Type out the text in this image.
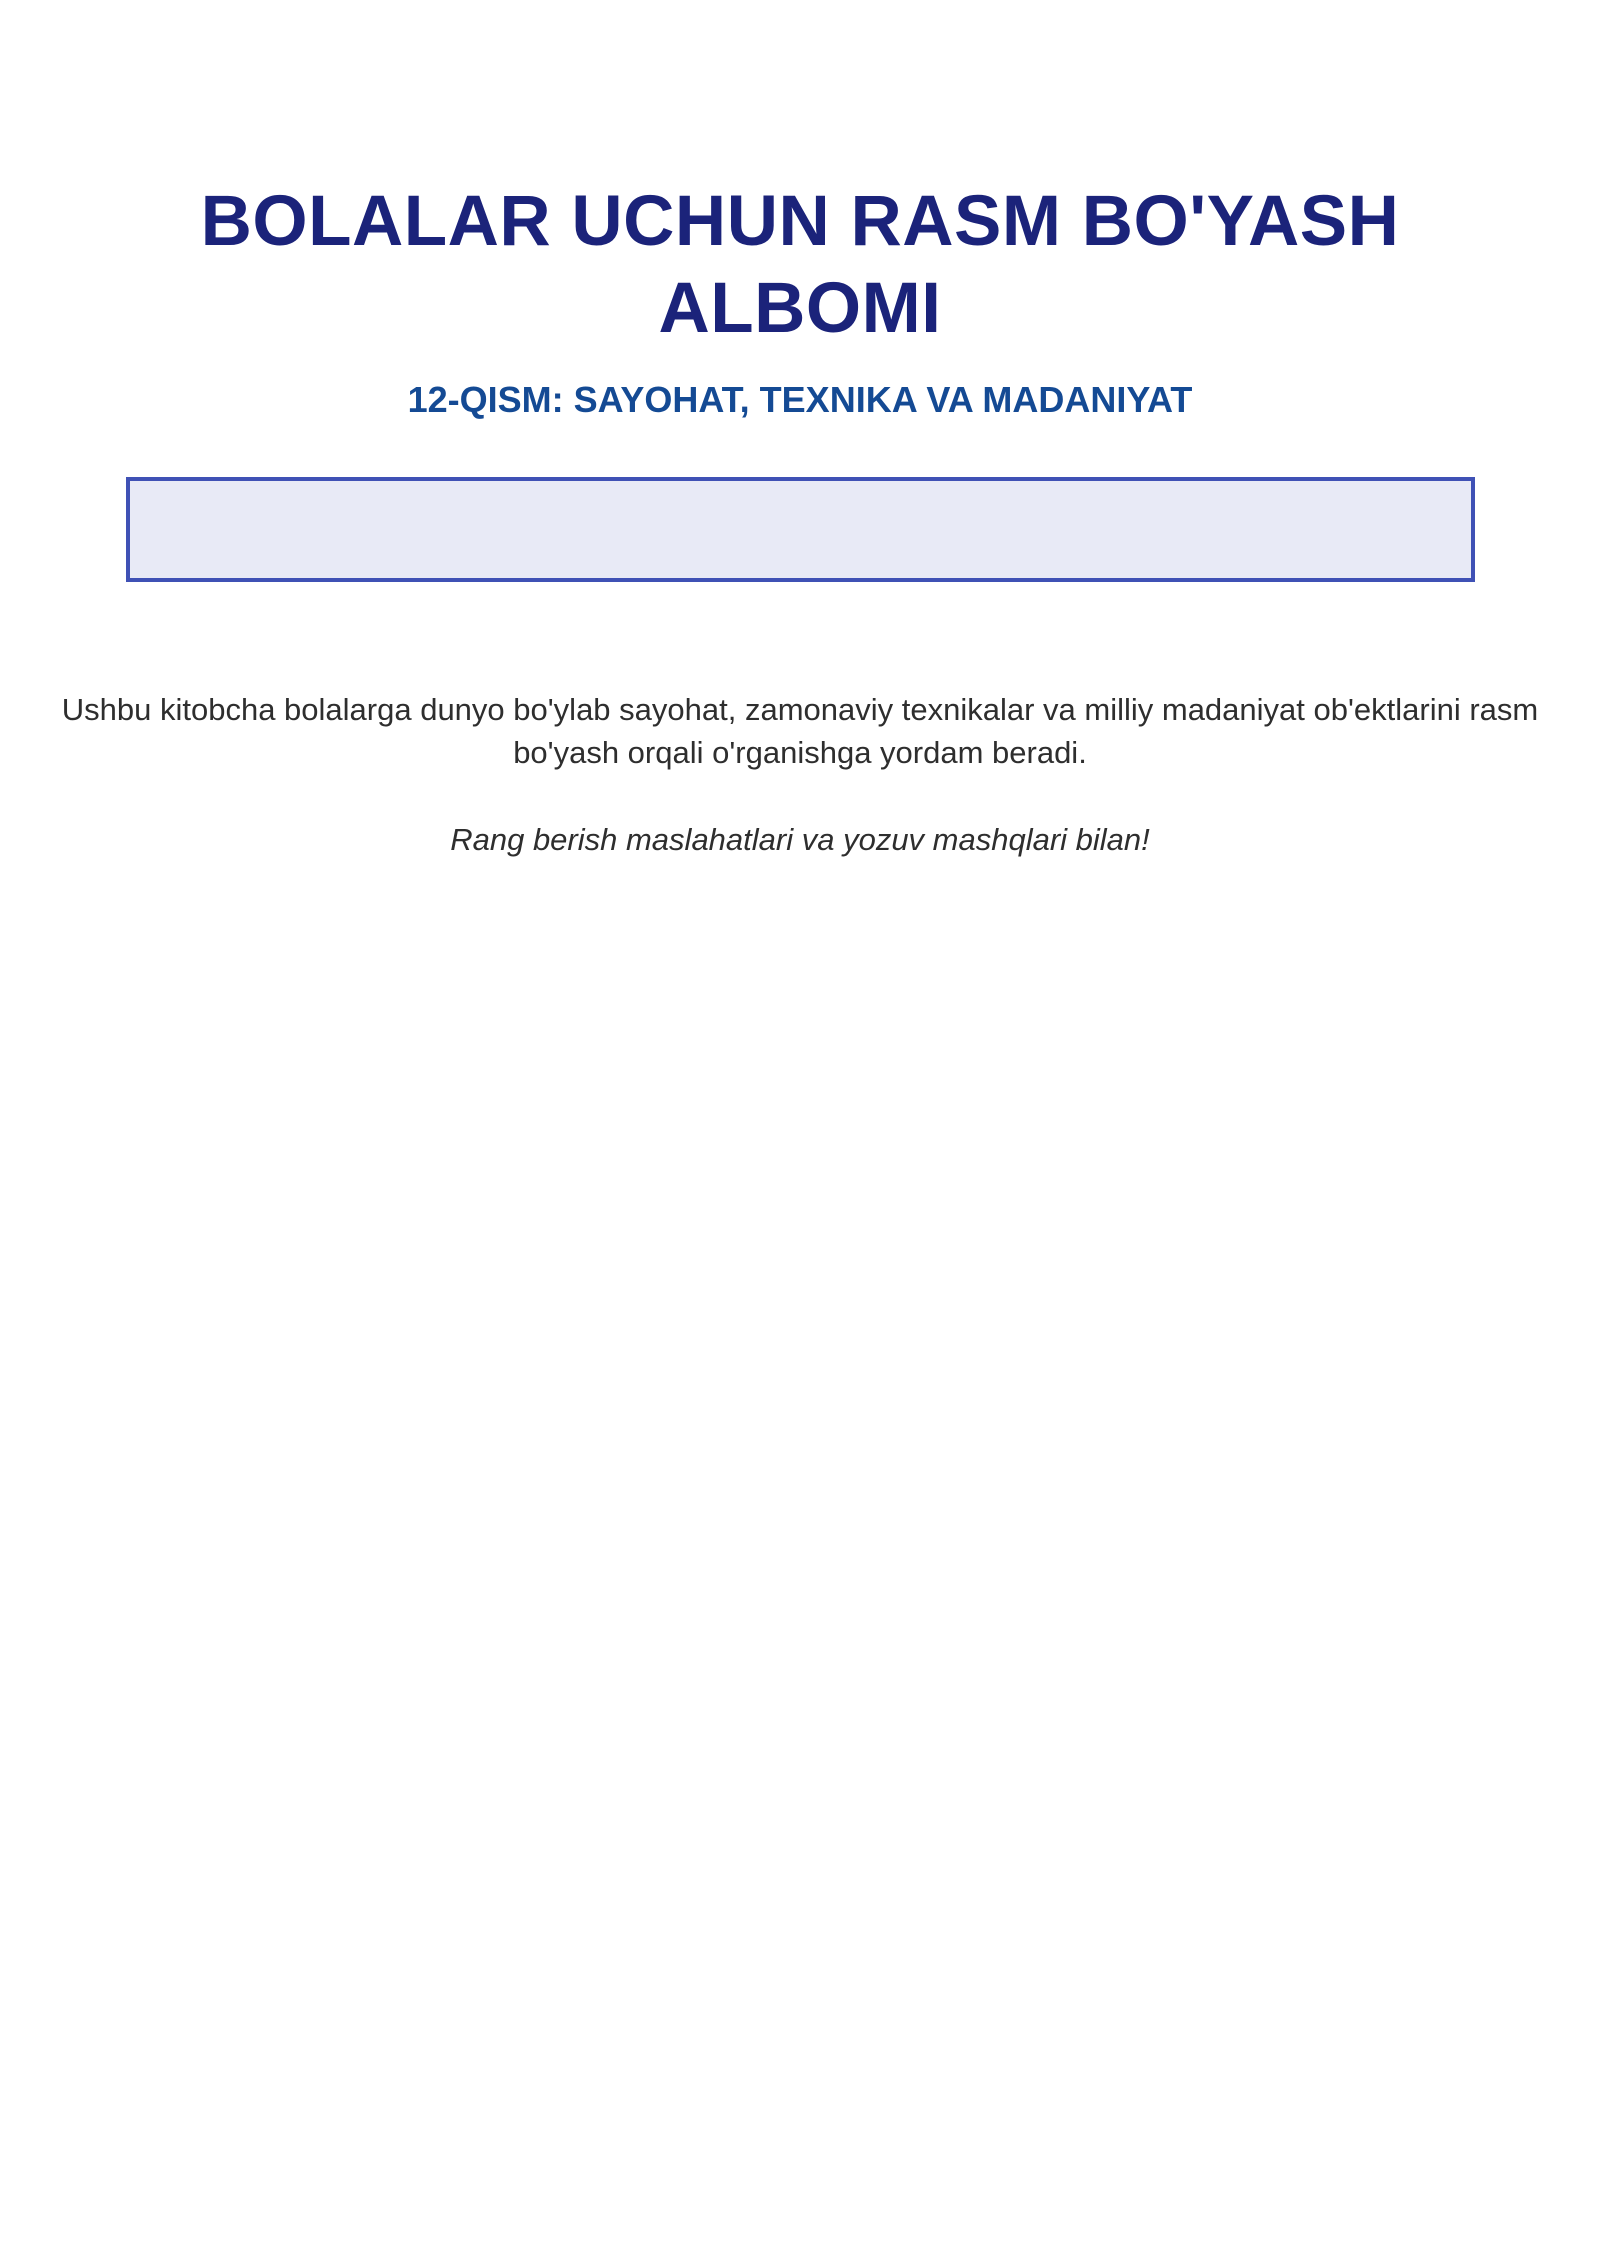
BOLALAR UCHUN RASM BO'YASH ALBOMI
12-QISM: SAYOHAT, TEXNIKA VA MADANIYAT

Ushbu kitobcha bolalarga dunyo bo'ylab sayohat, zamonaviy texnikalar va milliy madaniyat ob'ektlarini rasm bo'yash orqali o'rganishga yordam beradi.

Rang berish maslahatlari va yozuv mashqlari bilan!
